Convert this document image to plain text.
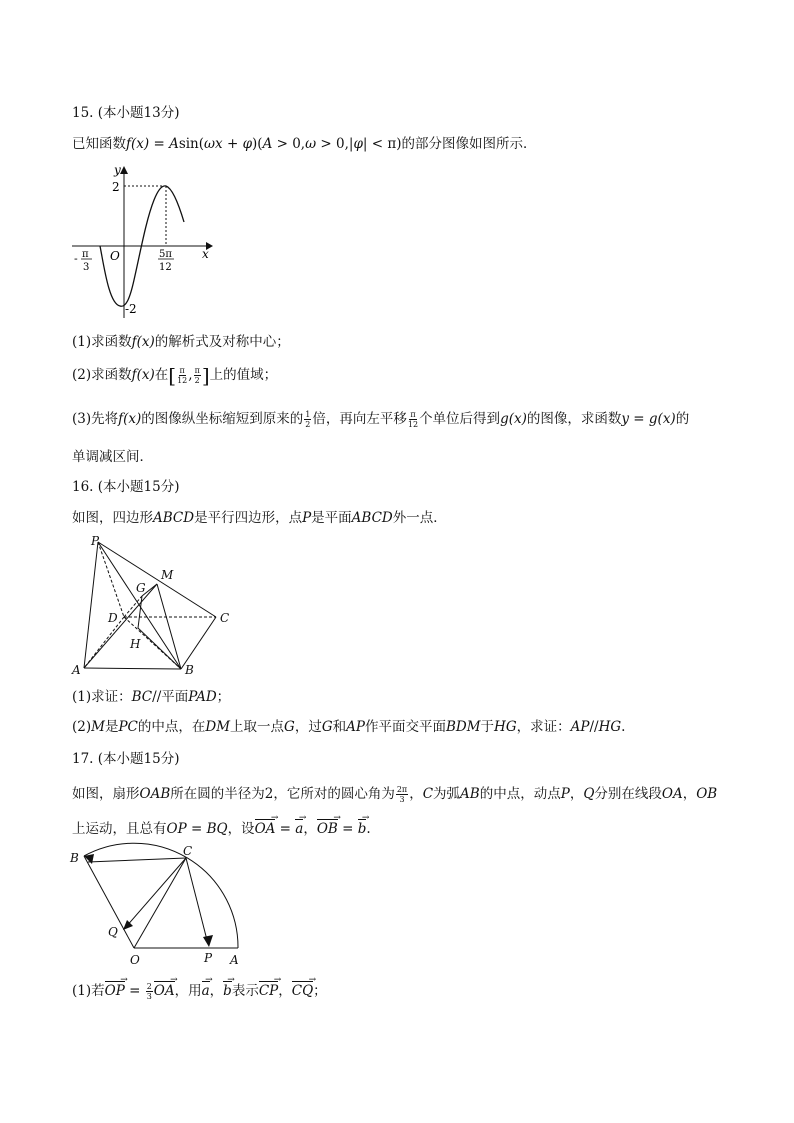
15. (本小题13分)
已知函数f(x) = Asin(ωx + φ)(A > 0,ω > 0,|φ| < π)的部分图像如图所示．
y
x
2
-2
O
- π
3
5π
12
(1)求函数f(x)的解析式及对称中心；
(2)求函数f(x)在[ $\frac{\pi}{12}$ , $\frac{\pi}{2}$ ]上的值域；
(3)先将f(x)的图像纵坐标缩短到原来的 $\frac{1}{2}$ 倍，再向左平移 $\frac{\pi}{12}$ 个单位后得到g(x)的图像，求函数y = g(x)的
单调减区间．
16. (本小题15分)
如图，四边形ABCD是平行四边形，点P是平面ABCD外一点．
P
M
G
D	C
H
A	B
(1)求证：BC//平面PAD；
(2)M是PC的中点，在DM上取一点G，过G和AP作平面交平面BDM于HG，求证：AP//HG.
17. (本小题15分)
如图，扇形OAB所在圆的半径为2，它所对的圆心角为 $\frac{2\pi}{3}$ ，C为弧AB的中点，动点P，Q分别在线段OA，OB
上运动，且总有OP = BQ，设OA → = a →，OB → = b →.
B	C
Q
O	P A
(1)若OP → = $\frac{2}{3}$ OA →，用a →，b →表示CP →，CQ →；
